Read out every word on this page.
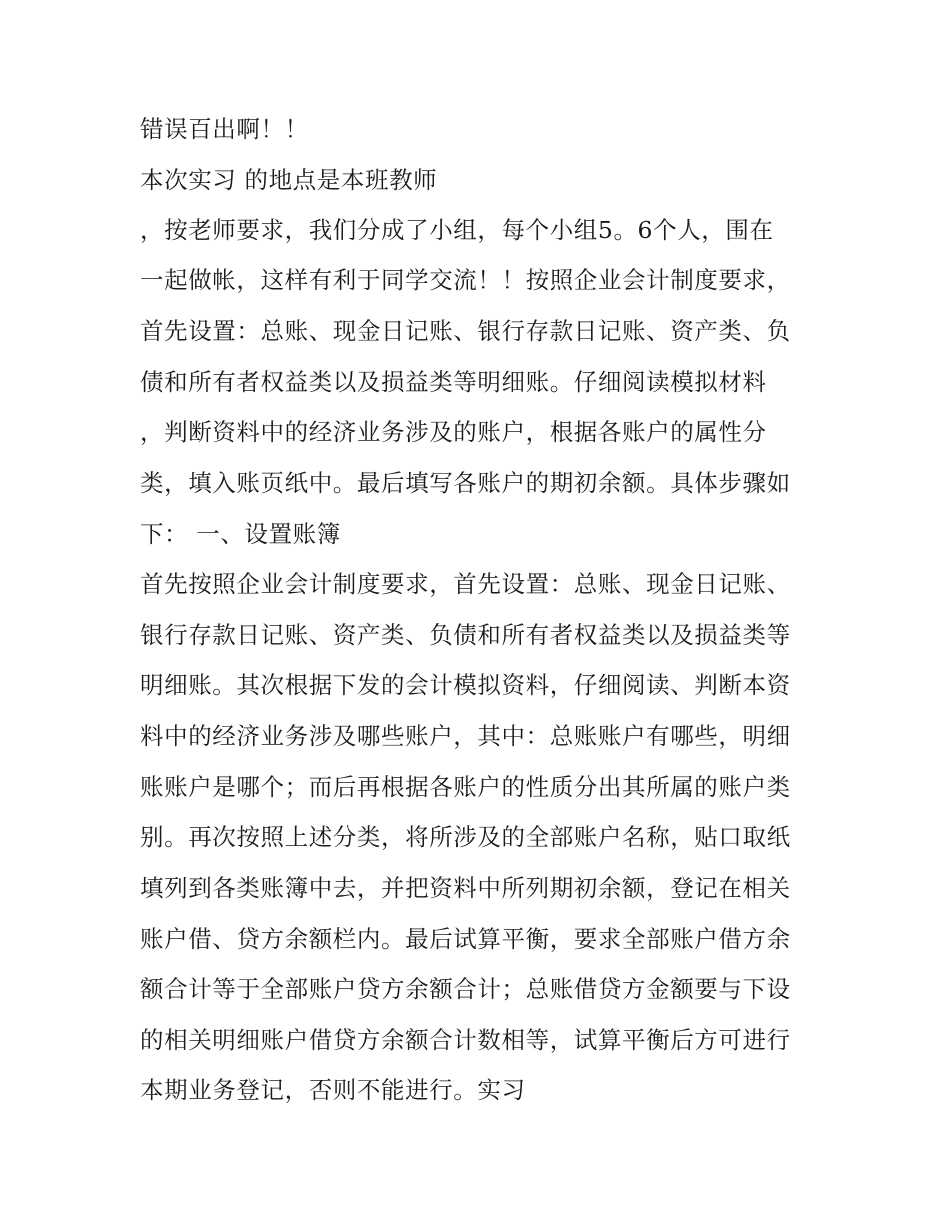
错误百出啊！！
本次实习 的地点是本班教师
，按老师要求，我们分成了小组，每个小组5。6个人，围在
一起做帐，这样有利于同学交流！！按照企业会计制度要求，
首先设置：总账、现金日记账、银行存款日记账、资产类、负
债和所有者权益类以及损益类等明细账。仔细阅读模拟材料
，判断资料中的经济业务涉及的账户，根据各账户的属性分
类，填入账页纸中。最后填写各账户的期初余额。具体步骤如
下： 一、设置账簿
首先按照企业会计制度要求，首先设置：总账、现金日记账、
银行存款日记账、资产类、负债和所有者权益类以及损益类等
明细账。其次根据下发的会计模拟资料，仔细阅读、判断本资
料中的经济业务涉及哪些账户，其中：总账账户有哪些，明细
账账户是哪个；而后再根据各账户的性质分出其所属的账户类
别。再次按照上述分类，将所涉及的全部账户名称，贴口取纸
填列到各类账簿中去，并把资料中所列期初余额，登记在相关
账户借、贷方余额栏内。最后试算平衡，要求全部账户借方余
额合计等于全部账户贷方余额合计；总账借贷方金额要与下设
的相关明细账户借贷方余额合计数相等，试算平衡后方可进行
本期业务登记，否则不能进行。实习
